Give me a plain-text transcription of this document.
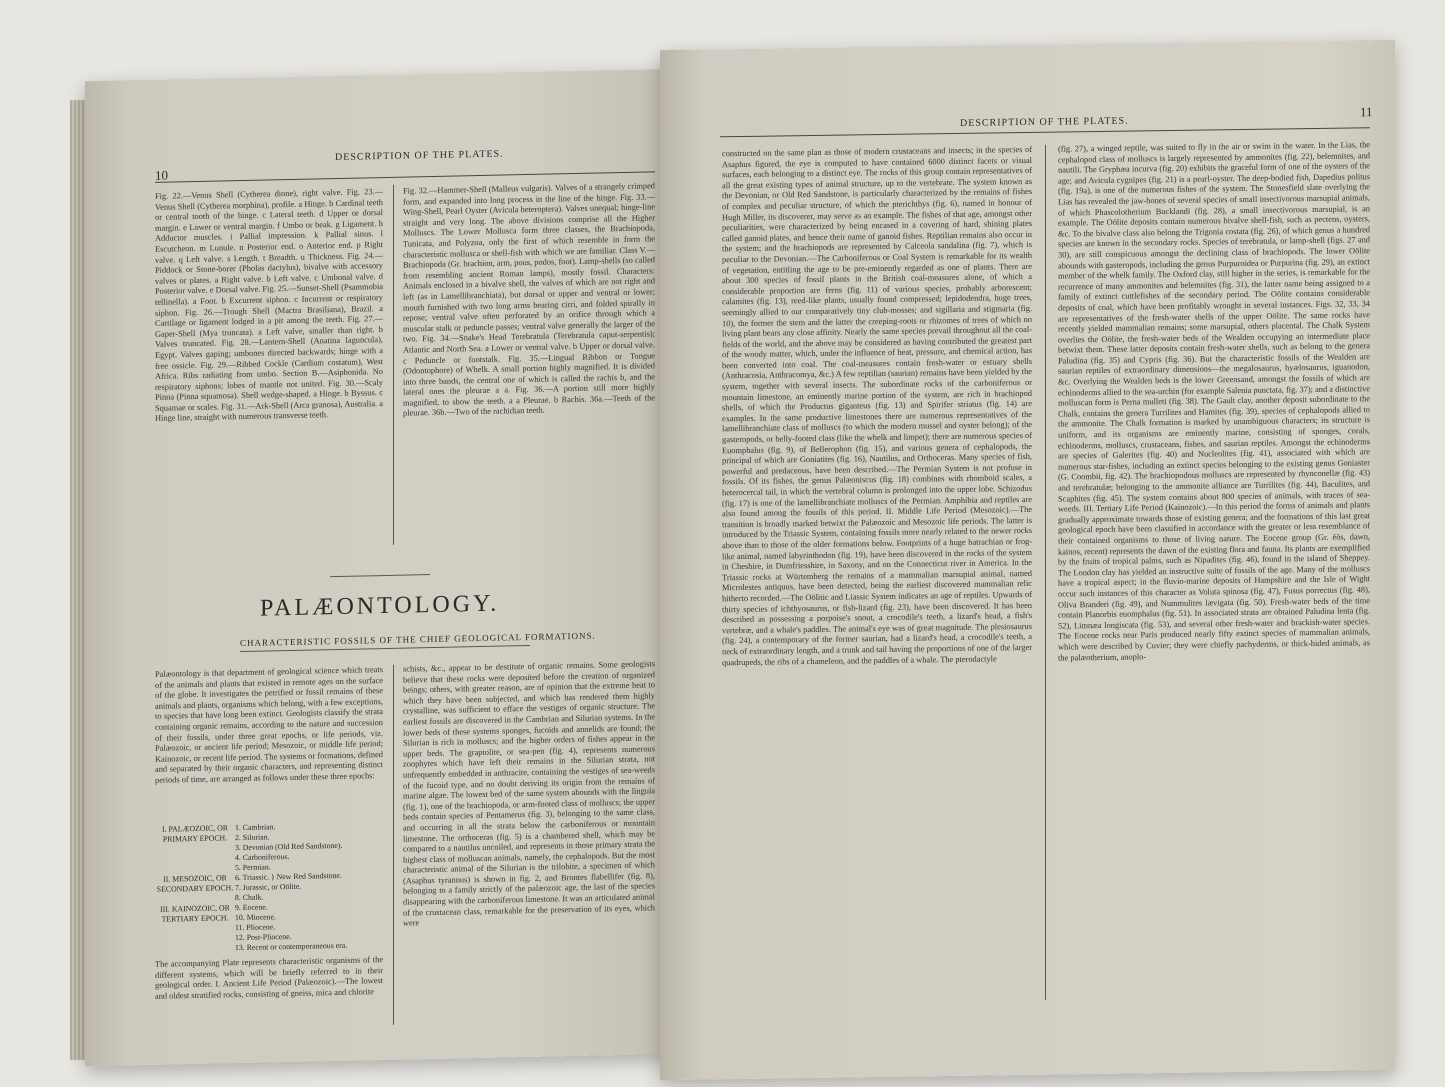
10
DESCRIPTION OF THE PLATES.
Fig. 22.—Venus Shell (Cytherea dione), right valve. Fig. 23.—Venus Shell (Cytherea morphina), profile. a Hinge. b Cardinal teeth or central tooth of the hinge. c Lateral teeth. d Upper or dorsal margin. e Lower or ventral margin. f Umbo or beak. g Ligament. h Adductor muscles. i Pallial impression. k Pallial sinus. l Escutcheon. m Lunule. n Posterior end. o Anterior end. p Right valve. q Left valve. s Length. t Breadth. u Thickness. Fig. 24.—Piddock or Stone-borer (Pholas dactylus), bivalve with accessory valves or plates. a Right valve. b Left valve. c Umbonal valve. d Posterior valve. e Dorsal valve. Fig. 25.—Sunset-Shell (Psammobia tellinella). a Foot. b Excurrent siphon. c Incurrent or respiratory siphon. Fig. 26.—Trough Shell (Mactra Brasiliana), Brazil. a Cartilage or ligament lodged in a pit among the teeth. Fig. 27.—Gaper-Shell (Mya truncata). a Left valve, smaller than right. b Valves truncated. Fig. 28.—Lantern-Shell (Anatina laguncula), Egypt. Valves gaping; umbones directed backwards; hinge with a free ossicle. Fig. 29.—Ribbed Cockle (Cardium costatum), West Africa. Ribs radiating from umbo. Section B.—Asiphonida. No respiratory siphons; lobes of mantle not united. Fig. 30.—Scaly Pinna (Pinna squamosa). Shell wedge-shaped. a Hinge. b Byssus. c Squamae or scales. Fig. 31.—Ark-Shell (Arca granosa), Australia. a Hinge line, straight with numerous transverse teeth.
Fig. 32.—Hammer-Shell (Malleus vulgaris). Valves of a strangely crimped form, and expanded into long process in the line of the hinge. Fig. 33.—Wing-Shell, Pearl Oyster (Avicula heteroptera). Valves unequal; hinge-line straight and very long. The above divisions comprise all the Higher Molluscs. The Lower Mollusca form three classes, the Brachiopoda, Tunicata, and Polyzoa, only the first of which resemble in form the characteristic mollusca or shell-fish with which we are familiar. Class V.—Brachiopoda (Gr. brachion, arm, pous, podos, foot). Lamp-shells (so called from resembling ancient Roman lamps), mostly fossil. Characters: Animals enclosed in a bivalve shell, the valves of which are not right and left (as in Lamellibranchiata), but dorsal or upper and ventral or lower; mouth furnished with two long arms bearing cirri, and folded spirally in repose; ventral valve often perforated by an orifice through which a muscular stalk or peduncle passes; ventral valve generally the larger of the two. Fig. 34.—Snake's Head Terebratula (Terebratula caput-serpentis); Atlantic and North Sea. a Lower or ventral valve. b Upper or dorsal valve. c Peduncle or footstalk. Fig. 35.—Lingual Ribbon or Tongue (Odontophore) of Whelk. A small portion highly magnified. It is divided into three bands, the central one of which is called the rachis b, and the lateral ones the pleurae a a. Fig. 36.—A portion still more highly magnified, to show the teeth. a a Pleurae. b Rachis. 36a.—Teeth of the pleurae. 36b.—Two of the rachidian teeth.
PALÆONTOLOGY.
CHARACTERISTIC FOSSILS OF THE CHIEF GEOLOGICAL FORMATIONS.
Palæontology is that department of geological science which treats of the animals and plants that existed in remote ages on the surface of the globe. It investigates the petrified or fossil remains of these animals and plants, organisms which belong, with a few exceptions, to species that have long been extinct. Geologists classify the strata containing organic remains, according to the nature and succession of their fossils, under three great epochs, or life periods, viz. Palæozoic, or ancient life period; Mesozoic, or middle life period; Kainozoic, or recent life period. The systems or formations, defined and separated by their organic characters, and representing distinct periods of time, are arranged as follows under these three epochs:
I. PALÆOZOIC, OR PRIMARY EPOCH.
1. Cambrian.
2. Silurian.
3. Devonian (Old Red Sandstone).
4. Carboniferous.
5. Permian.
II. MESOZOIC, OR SECONDARY EPOCH.
6. Triassic. } New Red Sandstone.
7. Jurassic, or Oölite.
8. Chalk.
III. KAINOZOIC, OR TERTIARY EPOCH.
9. Eocene.
10. Miocene.
11. Pliocene.
12. Post-Pliocene.
13. Recent or contemporaneous era.
The accompanying Plate represents characteristic organisms of the different systems, which will be briefly referred to in their geological order. I. Ancient Life Period (Palæozoic).—The lowest and oldest stratified rocks, consisting of gneiss, mica and chlorite
schists, &c., appear to be destitute of organic remains. Some geologists believe that these rocks were deposited before the creation of organized beings; others, with greater reason, are of opinion that the extreme heat to which they have been subjected, and which has rendered them highly crystalline, was sufficient to efface the vestiges of organic structure. The earliest fossils are discovered in the Cambrian and Silurian systems. In the lower beds of these systems sponges, fucoids and annelids are found; the Silurian is rich in molluscs; and the higher orders of fishes appear in the upper beds. The graptolite, or sea-pen (fig. 4), represents numerous zoophytes which have left their remains in the Silurian strata, not unfrequently embedded in anthracite, containing the vestiges of sea-weeds of the fucoid type, and no doubt deriving its origin from the remains of marine algae. The lowest bed of the same system abounds with the lingula (fig. 1), one of the brachiopoda, or arm-footed class of molluscs; the upper beds contain species of Pentamerus (fig. 3), belonging to the same class, and occurring in all the strata below the carboniferous or mountain limestone. The orthoceras (fig. 5) is a chambered shell, which may be compared to a nautilus uncoiled, and represents in those primary strata the highest class of molluscan animals, namely, the cephalopods. But the most characteristic animal of the Silurian is the trilobite, a specimen of which (Asaphus tyrannus) is shown in fig. 2, and Brontes flabellifer (fig. 8), belonging to a family strictly of the palæozoic age, the last of the species disappearing with the carboniferous limestone. It was an articulated animal of the crustacean class, remarkable for the preservation of its eyes, which were
DESCRIPTION OF THE PLATES.
11
constructed on the same plan as those of modern crustaceans and insects; in the species of Asaphus figured, the eye is computed to have contained 6000 distinct facets or visual surfaces, each belonging to a distinct eye. The rocks of this group contain representatives of all the great existing types of animal structure, up to the vertebrate. The system known as the Devonian, or Old Red Sandstone, is particularly characterized by the remains of fishes of complex and peculiar structure, of which the pterichthys (fig. 6), named in honour of Hugh Miller, its discoverer, may serve as an example. The fishes of that age, amongst other peculiarities, were characterized by being encased in a covering of hard, shining plates called ganoid plates, and hence their name of ganoid fishes. Reptilian remains also occur in the system; and the brachiopods are represented by Calceola sandalina (fig. 7), which is peculiar to the Devonian.—The Carboniferous or Coal System is remarkable for its wealth of vegetation, entitling the age to be pre-eminently regarded as one of plants. There are about 300 species of fossil plants in the British coal-measures alone, of which a considerable proportion are ferns (fig. 11) of various species, probably arborescent; calamites (fig. 13), reed-like plants, usually found compressed; lepidodendra, huge trees, seemingly allied to our comparatively tiny club-mosses; and sigillaria and stigmaria (fig. 10), the former the stem and the latter the creeping-roots or rhizomes of trees of which no living plant bears any close affinity. Nearly the same species prevail throughout all the coal-fields of the world, and the above may be considered as having contributed the greatest part of the woody matter, which, under the influence of heat, pressure, and chemical action, has been converted into coal. The coal-measures contain fresh-water or estuary shells (Anthracosia, Anthracomya, &c.) A few reptilian (saurian) remains have been yielded by the system, together with several insects. The subordinate rocks of the carboniferous or mountain limestone, an eminently marine portion of the system, are rich in brachiopod shells, of which the Productus giganteus (fig. 13) and Spirifer striatus (fig. 14) are examples. In the same productive limestones there are numerous representatives of the lamellibranchiate class of molluscs (to which the modern mussel and oyster belong); of the gasteropods, or belly-footed class (like the whelk and limpet); there are numerous species of Euomphalus (fig. 9), of Bellerophon (fig. 15), and various genera of cephalopods, the principal of which are Goniatites (fig. 16), Nautilus, and Orthoceras. Many species of fish, powerful and predaceous, have been described.—The Permian System is not profuse in fossils. Of its fishes, the genus Palæoniscus (fig. 18) combines with rhomboid scales, a heterocercal tail, in which the vertebral column is prolonged into the upper lobe. Schizodus (fig. 17) is one of the lamellibranchiate molluscs of the Permian. Amphibia and reptiles are also found among the fossils of this period. II. Middle Life Period (Mesozoic).—The transition is broadly marked betwixt the Palæozoic and Mesozoic life periods. The latter is introduced by the Triassic System, containing fossils more nearly related to the newer rocks above than to those of the older formations below. Footprints of a huge batrachian or frog-like animal, named labyrinthodon (fig. 19), have been discovered in the rocks of the system in Cheshire, in Dumfriesshire, in Saxony, and on the Connecticut river in America. In the Triassic rocks at Würtemberg the remains of a mammalian marsupial animal, named Microlestes antiquus, have been detected, being the earliest discovered mammalian relic hitherto recorded.—The Oölitic and Liassic System indicates an age of reptiles. Upwards of thirty species of ichthyosaurus, or fish-lizard (fig. 23), have been discovered. It has been described as possessing a porpoise's snout, a crocodile's teeth, a lizard's head, a fish's vertebræ, and a whale's paddles. The animal's eye was of great magnitude. The plesiosaurus (fig. 24), a contemporary of the former saurian, had a lizard's head, a crocodile's teeth, a neck of extraordinary length, and a trunk and tail having the proportions of one of the larger quadrupeds, the ribs of a chameleon, and the paddles of a whale. The pterodactyle
(fig. 27), a winged reptile, was suited to fly in the air or swim in the water. In the Lias, the cephalopod class of molluscs is largely represented by ammonites (fig. 22), belemnites, and nautili. The Gryphæa incurva (fig. 20) exhibits the graceful form of one of the oysters of the age; and Avicula cygnipes (fig. 21) is a pearl-oyster. The deep-bodied fish, Dapedius politus (fig. 19a), is one of the numerous fishes of the system. The Stonesfield slate overlying the Lias has revealed the jaw-bones of several species of small insectivorous marsupial animals, of which Phascolotherium Bucklandi (fig. 28), a small insectivorous marsupial, is an example. The Oölite deposits contain numerous bivalve shell-fish, such as pectens, oysters, &c. To the bivalve class also belong the Trigonia costata (fig. 26), of which genus a hundred species are known in the secondary rocks. Species of terebratula, or lamp-shell (figs. 27 and 30), are still conspicuous amongst the declining class of brachiopods. The lower Oölite abounds with gasteropods, including the genus Purpuroidea or Purpurina (fig. 29), an extinct member of the whelk family. The Oxford clay, still higher in the series, is remarkable for the recurrence of many ammonites and belemnites (fig. 31), the latter name being assigned to a family of extinct cuttlefishes of the secondary period. The Oölite contains considerable deposits of coal, which have been profitably wrought in several instances. Figs. 32, 33, 34 are representatives of the fresh-water shells of the upper Oölite. The same rocks have recently yielded mammalian remains; some marsupial, others placental. The Chalk System overlies the Oölite, the fresh-water beds of the Wealden occupying an intermediate place betwixt them. These latter deposits contain fresh-water shells, such as belong to the genera Paludina (fig. 35) and Cypris (fig. 36). But the characteristic fossils of the Wealden are saurian reptiles of extraordinary dimensions—the megalosaurus, hyælosaurus, iguanodon, &c. Overlying the Wealden beds is the lower Greensand, amongst the fossils of which are echinoderms allied to the sea-urchin (for example Salenia punctata, fig. 37); and a distinctive molluscan form is Perna mulleti (fig. 38). The Gault clay, another deposit subordinate to the Chalk, contains the genera Turrilites and Hamites (fig. 39), species of cephalopods allied to the ammonite. The Chalk formation is marked by unambiguous characters; its structure is uniform, and its organisms are eminently marine, consisting of sponges, corals, echinoderms, molluscs, crustaceans, fishes, and saurian reptiles. Amongst the echinoderms are species of Galerites (fig. 40) and Nucleolites (fig. 41), associated with which are numerous star-fishes, including an extinct species belonging to the existing genus Goniaster (G. Coombii, fig. 42). The brachiopodous molluscs are represented by rhynconellæ (fig. 43) and terebratulæ; belonging to the ammonite alliance are Turrilites (fig. 44), Baculites, and Scaphites (fig. 45). The system contains about 800 species of animals, with traces of sea-weeds. III. Tertiary Life Period (Kainozoic).—In this period the forms of animals and plants gradually approximate towards those of existing genera; and the formations of this last great geological epoch have been classified in accordance with the greater or less resemblance of their contained organisms to those of living nature. The Eocene group (Gr. ēōs, dawn, kainos, recent) represents the dawn of the existing flora and fauna. Its plants are exemplified by the fruits of tropical palms, such as Nipadites (fig. 46), found in the island of Sheppey. The London clay has yielded an instructive suite of fossils of the age. Many of the molluscs have a tropical aspect; in the fluvio-marine deposits of Hampshire and the Isle of Wight occur such instances of this character as Voluta spinosa (fig. 47), Fusus porrectus (fig. 48), Oliva Branderi (fig. 49), and Nummulites lævigata (fig. 50). Fresh-water beds of the time contain Planorbis euomphalus (fig. 51). In associated strata are obtained Paludina lenta (fig. 52), Limnæa longiscata (fig. 53), and several other fresh-water and brackish-water species. The Eocene rocks near Paris produced nearly fifty extinct species of mammalian animals, which were described by Cuvier; they were chiefly pachyderms, or thick-hided animals, as the palæotherium, anoplo-
